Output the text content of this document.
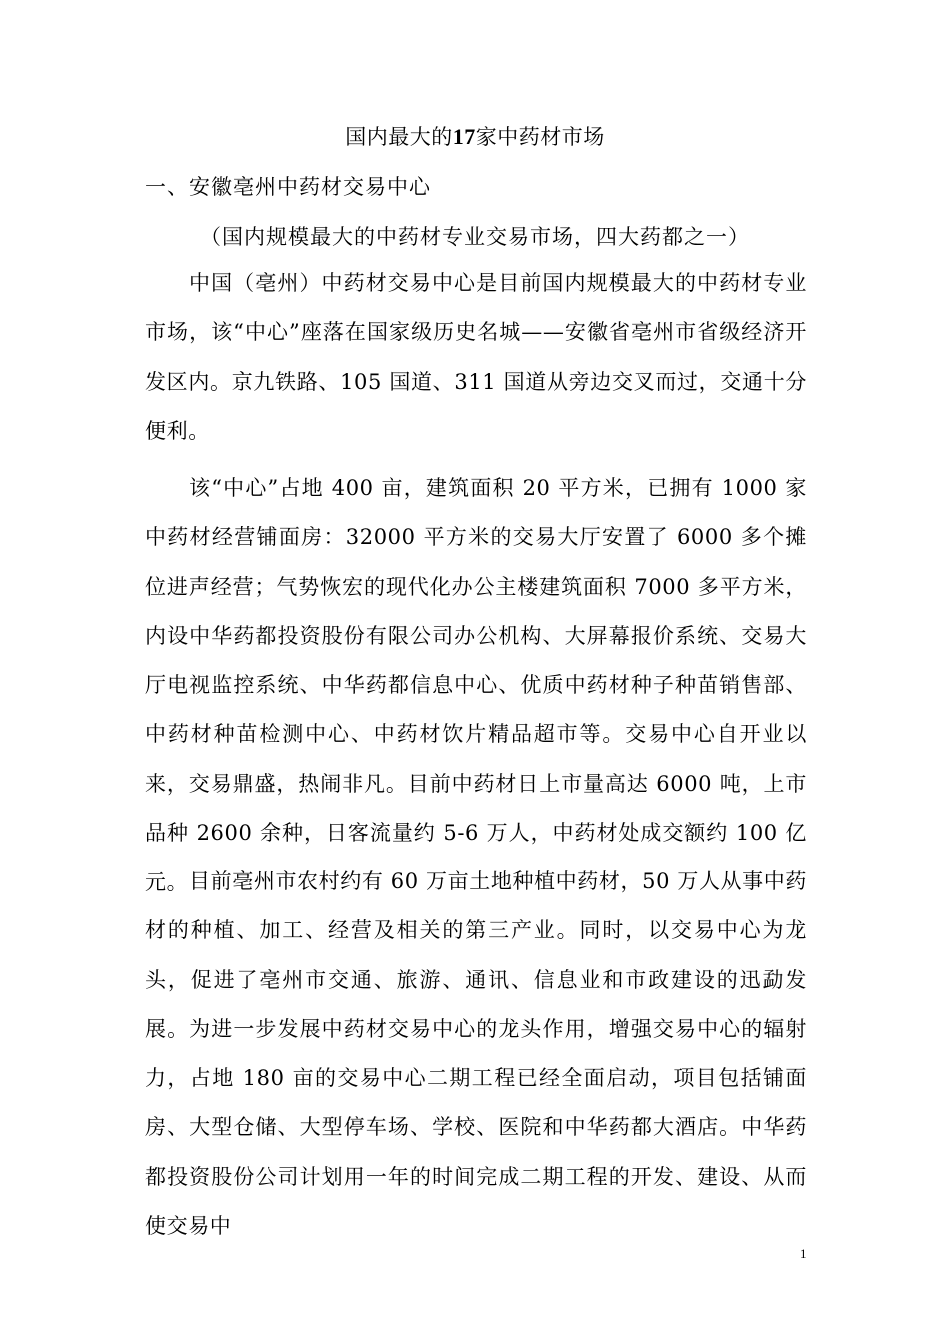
国内最大的17家中药材市场
一、安徽亳州中药材交易中心
（国内规模最大的中药材专业交易市场，四大药都之一）

中国（亳州）中药材交易中心是目前国内规模最大的中药材专业市场，该“中心”座落在国家级历史名城——安徽省亳州市省级经济开发区内。京九铁路、105 国道、311 国道从旁边交叉而过，交通十分便利。

该“中心”占地 400 亩，建筑面积 20 平方米，已拥有 1000 家中药材经营铺面房：32000 平方米的交易大厅安置了 6000 多个摊位进声经营；气势恢宏的现代化办公主楼建筑面积 7000 多平方米，内设中华药都投资股份有限公司办公机构、大屏幕报价系统、交易大厅电视监控系统、中华药都信息中心、优质中药材种子种苗销售部、中药材种苗检测中心、中药材饮片精品超市等。交易中心自开业以来，交易鼎盛，热闹非凡。目前中药材日上市量高达 6000 吨，上市品种 2600 余种，日客流量约 5-6 万人，中药材处成交额约 100 亿元。 目前亳州市农村约有 60 万亩土地种植中药材，50 万人从事中药材的种植、加工、经营及相关的第三产业。同时，以交易中心为龙头，促进了亳州市交通、旅游、通讯、信息业和市政建设的迅勐发展。为进一步发展中药材交易中心的龙头作用，增强交易中心的辐射力，占地 180 亩的交易中心二期工程已经全面启动，项目包括铺面房、大型仓储、大型停车场、学校、医院和中华药都大酒店。中华药都投资股份公司计划用一年的时间完成二期工程的开发、建设、从而使交易中

1
